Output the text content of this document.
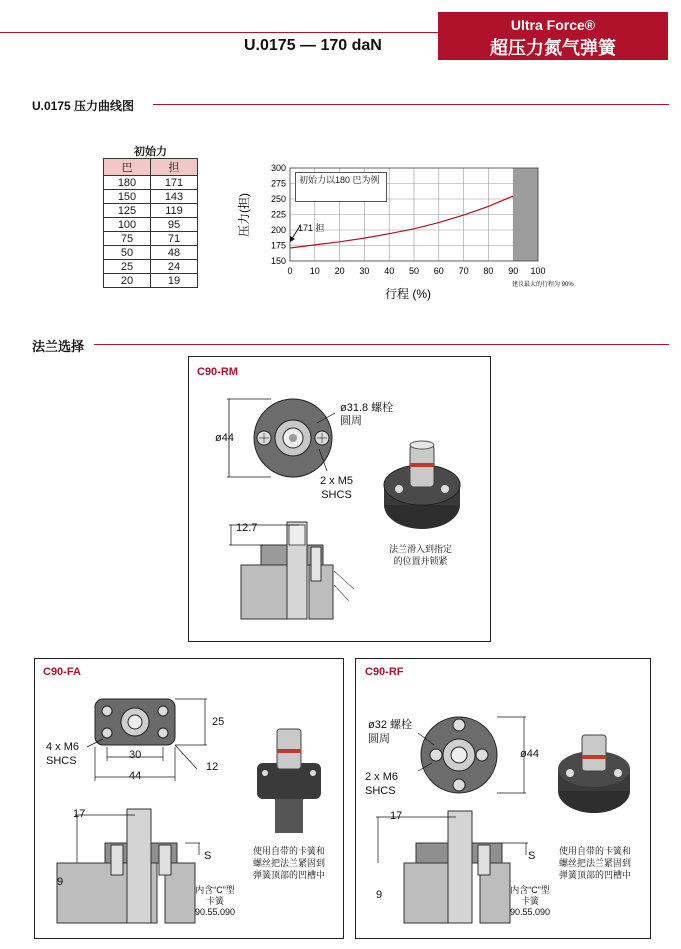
U.0175 — 170 daN
Ultra Force®
超压力氮气弹簧
U.0175 压力曲线图
初始力
巴	担
180	171
150	143
125	119
100	95
75	71
50	48
25	24
20	19
0 10 20 30 40 50 60 70 80 90 100
150
175
200
225
250
275
300
行程 (%)
压力(担)
初始力以180 巴为例
171 担
建议最大的行程为 90%
法兰选择
C90-RM
ø31.8 螺栓
圆周
ø44
2 x M5
SHCS
12.7
法兰滑入到指定
的位置并锁紧
C90-FA
4 x M6
SHCS
25
30
44
12
17
9
S
内含“C”型
卡簧
90.55.090
使用自带的卡簧和
螺丝把法兰紧固到
弹簧顶部的凹槽中
C90-RF
ø32 螺栓
圆周
2 x M6
SHCS
ø44
17
9
S
内含“C”型
卡簧
90.55.090
使用自带的卡簧和
螺丝把法兰紧固到
弹簧顶部的凹槽中
